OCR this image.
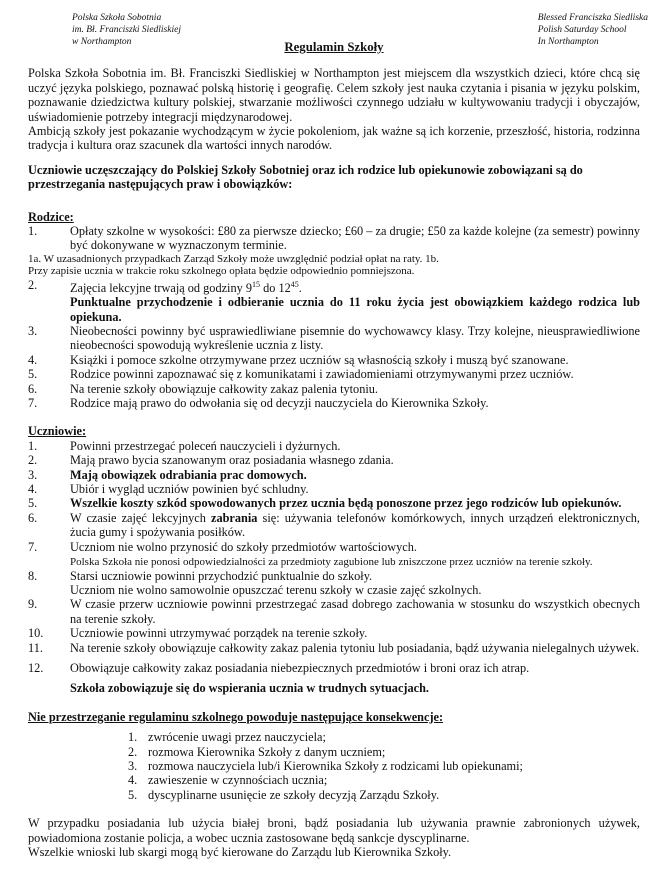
Polska Szkoła Sobotnia
im. Bł. Franciszki Siedliskiej
w Northampton
Blessed Franciszka Siedliska
Polish Saturday School
In Northampton

Regulamin Szkoły

Polska Szkoła Sobotnia im. Bł. Franciszki Siedliskiej w Northampton jest miejscem dla wszystkich dzieci, które chcą się uczyć języka polskiego, poznawać polską historię i geografię. Celem szkoły jest nauka czytania i pisania w języku polskim, poznawanie dziedzictwa kultury polskiej, stwarzanie możliwości czynnego udziału w kultywowaniu tradycji i obyczajów, uświadomienie potrzeby integracji międzynarodowej.

Ambicją szkoły jest pokazanie wychodzącym w życie pokoleniom, jak ważne są ich korzenie, przeszłość, historia, rodzinna tradycja i kultura oraz szacunek dla wartości innych narodów.

Uczniowie uczęszczający do Polskiej Szkoły Sobotniej oraz ich rodzice lub opiekunowie zobowiązani są do przestrzegania następujących praw i obowiązków:

Rodzice:

1.	Opłaty szkolne w wysokości: £80 za pierwsze dziecko; £60 – za drugie; £50 za każde kolejne (za semestr) powinny być dokonywane w wyznaczonym terminie.

1a. W uzasadnionych przypadkach Zarząd Szkoły może uwzględnić podział opłat na raty. 1b.

Przy zapisie ucznia w trakcie roku szkolnego opłata będzie odpowiednio pomniejszona.

2.	Zajęcia lekcyjne trwają od godziny $9^{15}$ do $12^{45}$.
Punktualne przychodzenie i odbieranie ucznia do 11 roku życia jest obowiązkiem każdego rodzica lub opiekuna.
3.	Nieobecności powinny być usprawiedliwiane pisemnie do wychowawcy klasy. Trzy kolejne, nieusprawiedliwione nieobecności spowodują wykreślenie ucznia z listy.
4.	Książki i pomoce szkolne otrzymywane przez uczniów są własnością szkoły i muszą być szanowane.
5.	Rodzice powinni zapoznawać się z komunikatami i zawiadomieniami otrzymywanymi przez uczniów.
6.	Na terenie szkoły obowiązuje całkowity zakaz palenia tytoniu.
7.	Rodzice mają prawo do odwołania się od decyzji nauczyciela do Kierownika Szkoły.

Uczniowie:

1.	Powinni przestrzegać poleceń nauczycieli i dyżurnych.
2.	Mają prawo bycia szanowanym oraz posiadania własnego zdania.
3.	Mają obowiązek odrabiania prac domowych.
4.	Ubiór i wygląd uczniów powinien być schludny.
5.	Wszelkie koszty szkód spowodowanych przez ucznia będą ponoszone przez jego rodziców lub opiekunów.
6.	W czasie zajęć lekcyjnych zabrania się: używania telefonów komórkowych, innych urządzeń elektronicznych, żucia gumy i spożywania posiłków.
7.	Uczniom nie wolno przynosić do szkoły przedmiotów wartościowych.
Polska Szkoła nie ponosi odpowiedzialności za przedmioty zagubione lub zniszczone przez uczniów na terenie szkoły.
8.	Starsi uczniowie powinni przychodzić punktualnie do szkoły.
Uczniom nie wolno samowolnie opuszczać terenu szkoły w czasie zajęć szkolnych.
9.	W czasie przerw uczniowie powinni przestrzegać zasad dobrego zachowania w stosunku do wszystkich obecnych na terenie szkoły.
10.	Uczniowie powinni utrzymywać porządek na terenie szkoły.
11.	Na terenie szkoły obowiązuje całkowity zakaz palenia tytoniu lub posiadania, bądź używania nielegalnych używek.
12.	Obowiązuje całkowity zakaz posiadania niebezpiecznych przedmiotów i broni oraz ich atrap.
Szkoła zobowiązuje się do wspierania ucznia w trudnych sytuacjach.

Nie przestrzeganie regulaminu szkolnego powoduje następujące konsekwencje:

1. zwrócenie uwagi przez nauczyciela;
2. rozmowa Kierownika Szkoły z danym uczniem;
3. rozmowa nauczyciela lub/i Kierownika Szkoły z rodzicami lub opiekunami;
4. zawieszenie w czynnościach ucznia;
5. dyscyplinarne usunięcie ze szkoły decyzją Zarządu Szkoły.

W przypadku posiadania lub użycia białej broni, bądź posiadania lub używania prawnie zabronionych używek, powiadomiona zostanie policja, a wobec ucznia zastosowane będą sankcje dyscyplinarne.

Wszelkie wnioski lub skargi mogą być kierowane do Zarządu lub Kierownika Szkoły.
